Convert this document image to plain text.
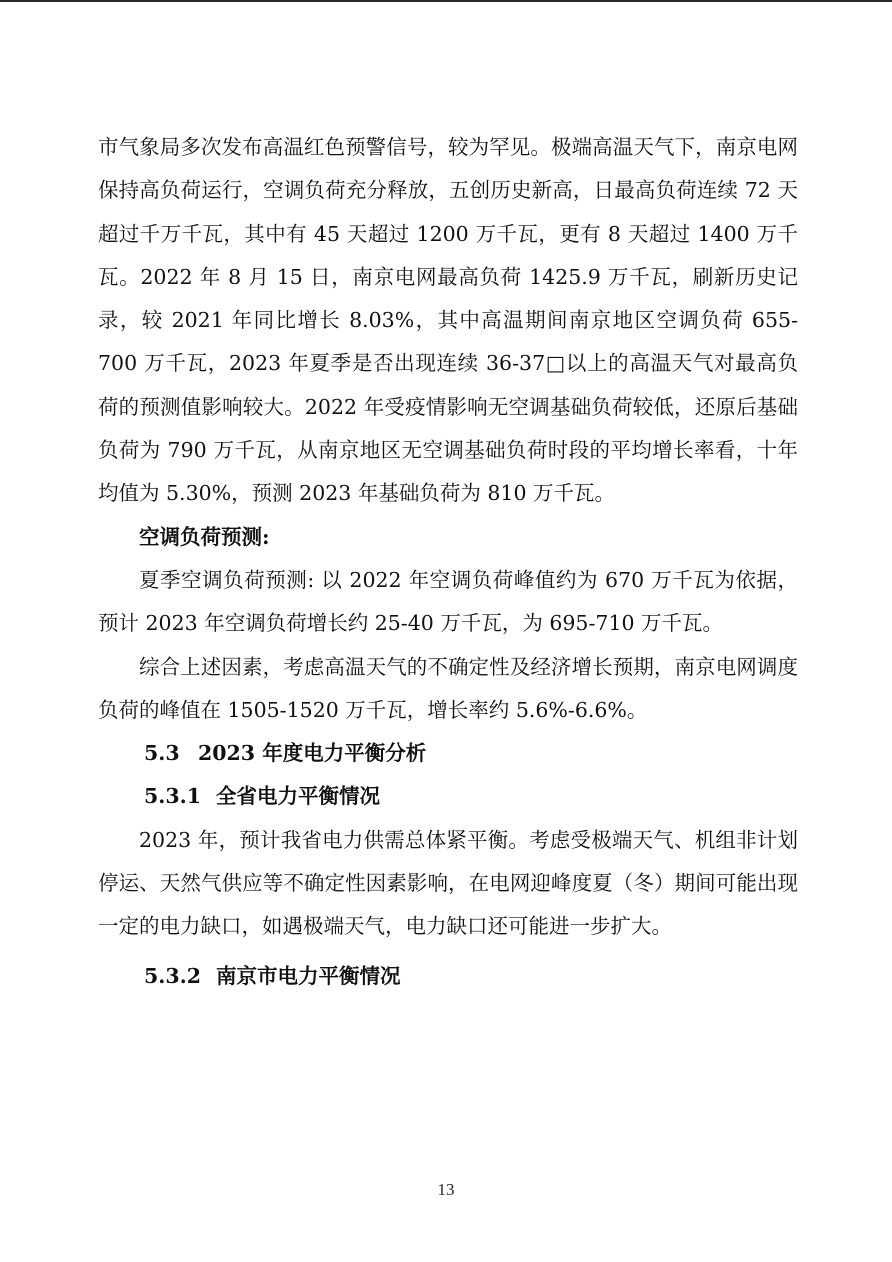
市气象局多次发布高温红色预警信号，较为罕见。极端高温天气下，南京电网保持高负荷运行，空调负荷充分释放，五创历史新高，日最高负荷连续 72 天超过千万千瓦，其中有 45 天超过 1200 万千瓦，更有 8 天超过 1400 万千瓦。2022 年 8 月 15 日，南京电网最高负荷 1425.9 万千瓦，刷新历史记录，较 2021 年同比增长 8.03%，其中高温期间南京地区空调负荷 655-700 万千瓦，2023 年夏季是否出现连续 36-37□以上的高温天气对最高负荷的预测值影响较大。2022 年受疫情影响无空调基础负荷较低，还原后基础负荷为 790 万千瓦，从南京地区无空调基础负荷时段的平均增长率看，十年均值为 5.30%，预测 2023 年基础负荷为 810 万千瓦。

空调负荷预测:

夏季空调负荷预测: 以 2022 年空调负荷峰值约为 670 万千瓦为依据，预计 2023 年空调负荷增长约 25-40 万千瓦，为 695-710 万千瓦。

综合上述因素，考虑高温天气的不确定性及经济增长预期，南京电网调度负荷的峰值在 1505-1520 万千瓦，增长率约 5.6%-6.6%。

5.3 2023 年度电力平衡分析

5.3.1 全省电力平衡情况

2023 年，预计我省电力供需总体紧平衡。考虑受极端天气、机组非计划停运、天然气供应等不确定性因素影响，在电网迎峰度夏（冬）期间可能出现一定的电力缺口，如遇极端天气，电力缺口还可能进一步扩大。

5.3.2 南京市电力平衡情况

13
